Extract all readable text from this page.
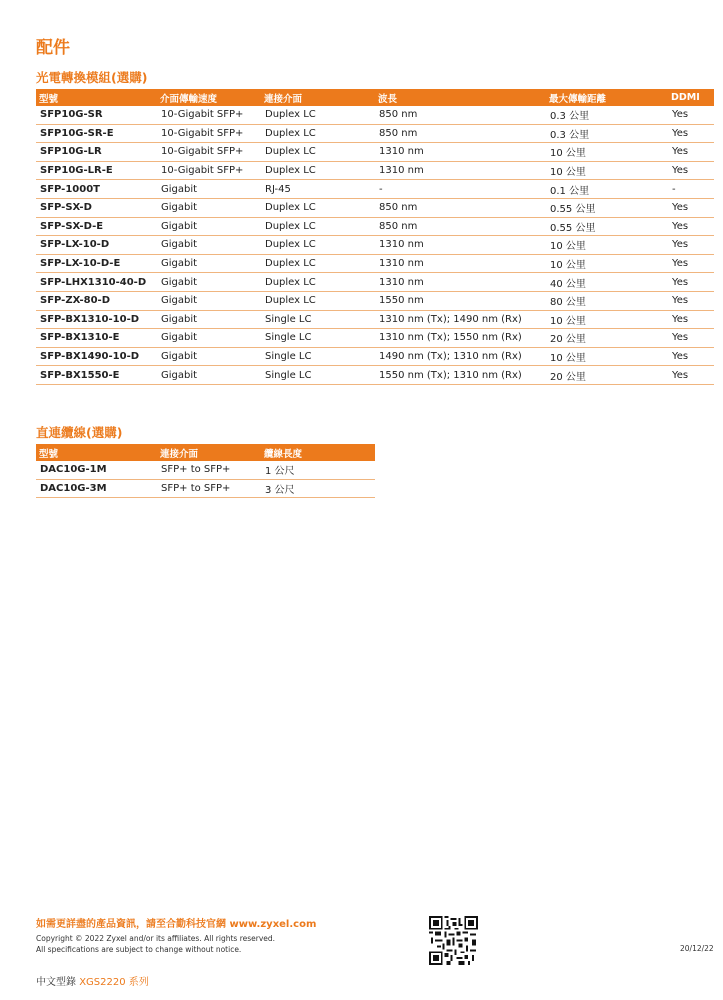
配件
光電轉換模組(選購)
型號	介面傳輸速度	連接介面	波長	最大傳輸距離	DDMI
SFP10G-SR	10-Gigabit SFP+	Duplex LC	850 nm	0.3 公里	Yes
SFP10G-SR-E	10-Gigabit SFP+	Duplex LC	850 nm	0.3 公里	Yes
SFP10G-LR	10-Gigabit SFP+	Duplex LC	1310 nm	10 公里	Yes
SFP10G-LR-E	10-Gigabit SFP+	Duplex LC	1310 nm	10 公里	Yes
SFP-1000T	Gigabit	RJ-45	-	0.1 公里	-
SFP-SX-D	Gigabit	Duplex LC	850 nm	0.55 公里	Yes
SFP-SX-D-E	Gigabit	Duplex LC	850 nm	0.55 公里	Yes
SFP-LX-10-D	Gigabit	Duplex LC	1310 nm	10 公里	Yes
SFP-LX-10-D-E	Gigabit	Duplex LC	1310 nm	10 公里	Yes
SFP-LHX1310-40-D	Gigabit	Duplex LC	1310 nm	40 公里	Yes
SFP-ZX-80-D	Gigabit	Duplex LC	1550 nm	80 公里	Yes
SFP-BX1310-10-D	Gigabit	Single LC	1310 nm (Tx); 1490 nm (Rx)	10 公里	Yes
SFP-BX1310-E	Gigabit	Single LC	1310 nm (Tx); 1550 nm (Rx)	20 公里	Yes
SFP-BX1490-10-D	Gigabit	Single LC	1490 nm (Tx); 1310 nm (Rx)	10 公里	Yes
SFP-BX1550-E	Gigabit	Single LC	1550 nm (Tx); 1310 nm (Rx)	20 公里	Yes
直連纜線(選購)
型號	連接介面	纜線長度
DAC10G-1M	SFP+ to SFP+	1 公尺
DAC10G-3M	SFP+ to SFP+	3 公尺
如需更詳盡的產品資訊，請至合勤科技官網 www.zyxel.com
Copyright © 2022 Zyxel and/or its affiliates. All rights reserved.
All specifications are subject to change without notice.	20/12/22
中文型錄 XGS2220 系列
